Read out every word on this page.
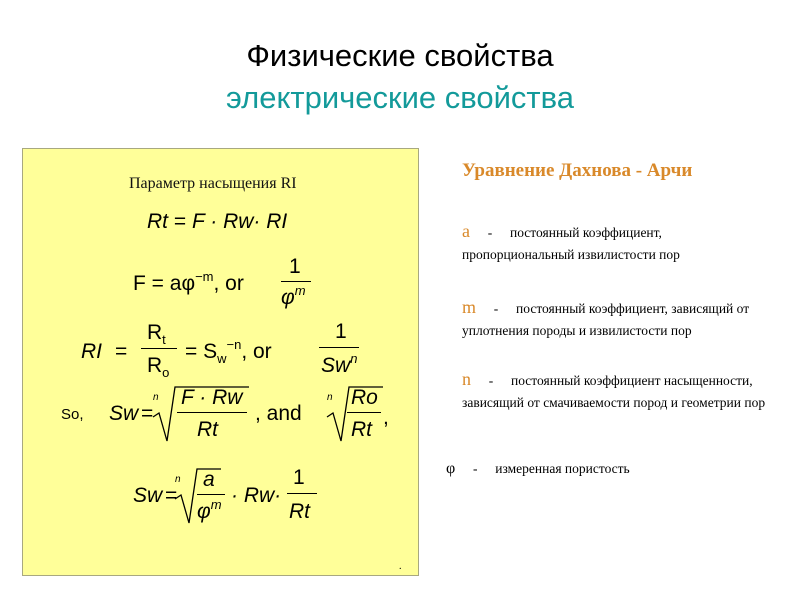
Физические свойства
электрические свойства
Параметр насыщения RI
Rt = F · Rw· RI
$F = a\varphi^{-m}$, or
1
$\varphi^m$
RI =
$R_t$
$R_o$
= $S_w^{-n}$, or
1
Sw$^n$
So, Sw =
n F · Rw
Rt
, and
n Ro
Rt
,
Sw =
n a
$\varphi^m \cdot Rw\cdot$
1
Rt
.
Уравнение Дахнова - Арчи
a - постоянный коэффициент, пропорциональный извилистости пор
m - постоянный коэффициент, зависящий от уплотнения породы и извилистости пор
n - постоянный коэффициент насыщенности, зависящий от смачиваемости пород и геометрии пор
φ - измеренная пористость
